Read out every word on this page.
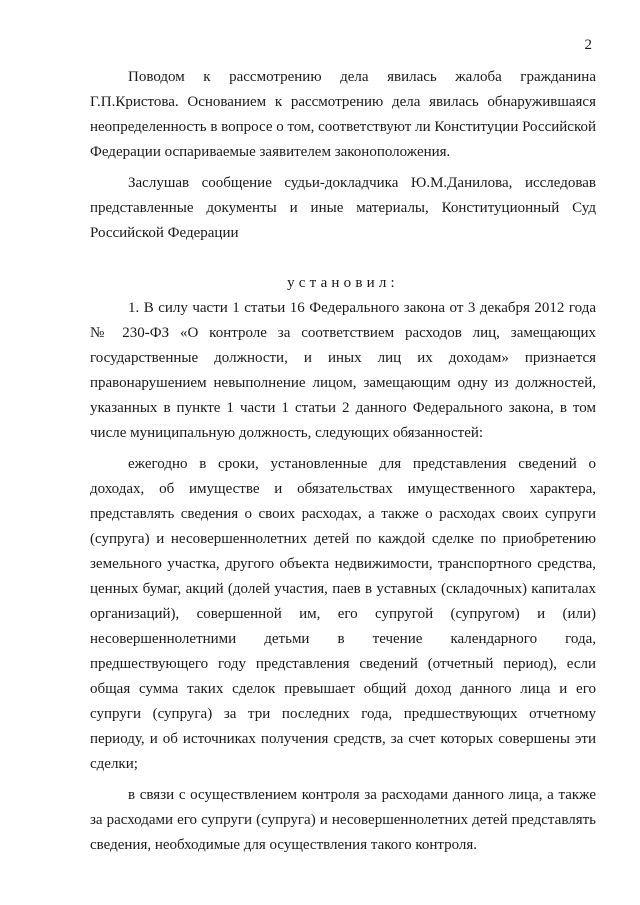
2

Поводом к рассмотрению дела явилась жалоба гражданина Г.П.Кристова. Основанием к рассмотрению дела явилась обнаружившаяся неопределенность в вопросе о том, соответствуют ли Конституции Российской Федерации оспариваемые заявителем законоположения.

Заслушав сообщение судьи-докладчика Ю.М.Данилова, исследовав представленные документы и иные материалы, Конституционный Суд Российской Федерации

установил:

1. В силу части 1 статьи 16 Федерального закона от 3 декабря 2012 года № 230-ФЗ «О контроле за соответствием расходов лиц, замещающих государственные должности, и иных лиц их доходам» признается правонарушением невыполнение лицом, замещающим одну из должностей, указанных в пункте 1 части 1 статьи 2 данного Федерального закона, в том числе муниципальную должность, следующих обязанностей:

ежегодно в сроки, установленные для представления сведений о доходах, об имуществе и обязательствах имущественного характера, представлять сведения о своих расходах, а также о расходах своих супруги (супруга) и несовершеннолетних детей по каждой сделке по приобретению земельного участка, другого объекта недвижимости, транспортного средства, ценных бумаг, акций (долей участия, паев в уставных (складочных) капиталах организаций), совершенной им, его супругой (супругом) и (или) несовершеннолетними детьми в течение календарного года, предшествующего году представления сведений (отчетный период), если общая сумма таких сделок превышает общий доход данного лица и его супруги (супруга) за три последних года, предшествующих отчетному периоду, и об источниках получения средств, за счет которых совершены эти сделки;

в связи с осуществлением контроля за расходами данного лица, а также за расходами его супруги (супруга) и несовершеннолетних детей представлять сведения, необходимые для осуществления такого контроля.
